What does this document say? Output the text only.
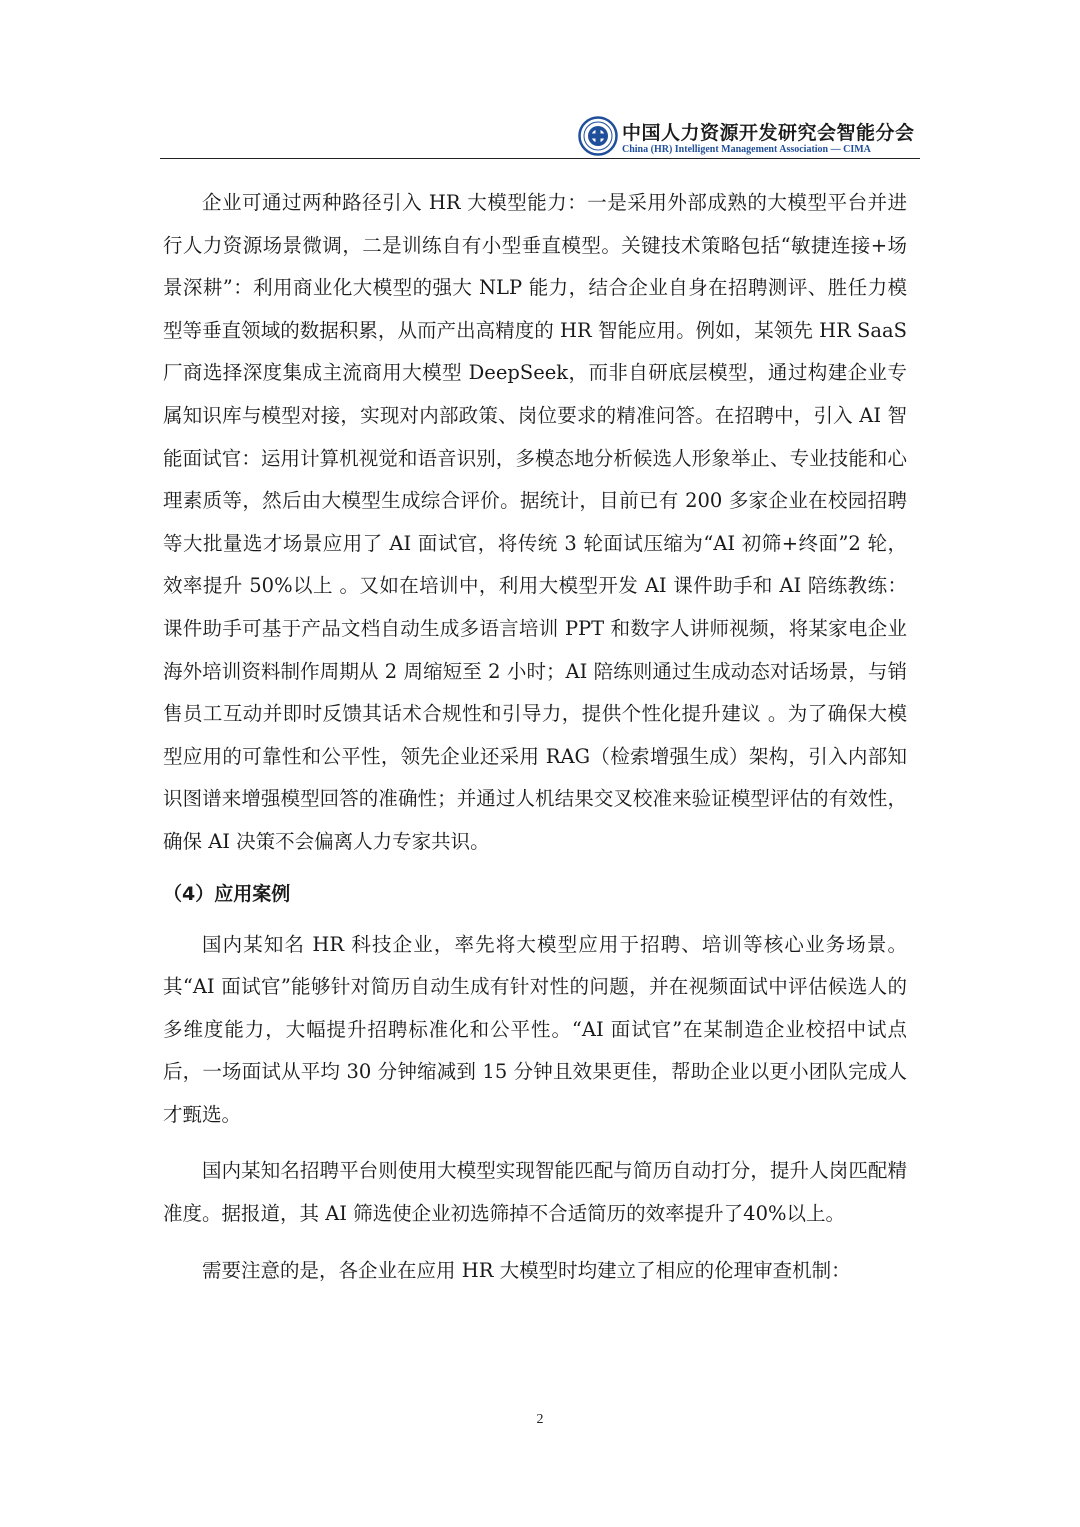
中国人力资源开发研究会智能分会
China (HR) Intelligent Management Association — CIMA

企业可通过两种路径引入 HR 大模型能力：一是采用外部成熟的大模型平台并进行人力资源场景微调，二是训练自有小型垂直模型。关键技术策略包括“敏捷连接+场景深耕”：利用商业化大模型的强大 NLP 能力，结合企业自身在招聘测评、胜任力模型等垂直领域的数据积累，从而产出高精度的 HR 智能应用。例如，某领先 HR SaaS 厂商选择深度集成主流商用大模型 DeepSeek，而非自研底层模型，通过构建企业专属知识库与模型对接，实现对内部政策、岗位要求的精准问答。在招聘中，引入 AI 智能面试官：运用计算机视觉和语音识别，多模态地分析候选人形象举止、专业技能和心理素质等，然后由大模型生成综合评价。据统计，目前已有 200 多家企业在校园招聘等大批量选才场景应用了 AI 面试官，将传统 3 轮面试压缩为“AI 初筛+终面”2 轮，效率提升 50%以上 。又如在培训中，利用大模型开发 AI 课件助手和 AI 陪练教练：课件助手可基于产品文档自动生成多语言培训 PPT 和数字人讲师视频，将某家电企业海外培训资料制作周期从 2 周缩短至 2 小时；AI 陪练则通过生成动态对话场景，与销售员工互动并即时反馈其话术合规性和引导力，提供个性化提升建议 。为了确保大模型应用的可靠性和公平性，领先企业还采用 RAG（检索增强生成）架构，引入内部知识图谱来增强模型回答的准确性；并通过人机结果交叉校准来验证模型评估的有效性，确保 AI 决策不会偏离人力专家共识。

（4）应用案例

国内某知名 HR 科技企业，率先将大模型应用于招聘、培训等核心业务场景。其“AI 面试官”能够针对简历自动生成有针对性的问题，并在视频面试中评估候选人的多维度能力，大幅提升招聘标准化和公平性。“AI 面试官”在某制造企业校招中试点后，一场面试从平均 30 分钟缩减到 15 分钟且效果更佳，帮助企业以更小团队完成人才甄选。

国内某知名招聘平台则使用大模型实现智能匹配与简历自动打分，提升人岗匹配精准度。据报道，其 AI 筛选使企业初选筛掉不合适简历的效率提升了40%以上。

需要注意的是，各企业在应用 HR 大模型时均建立了相应的伦理审查机制：

2
